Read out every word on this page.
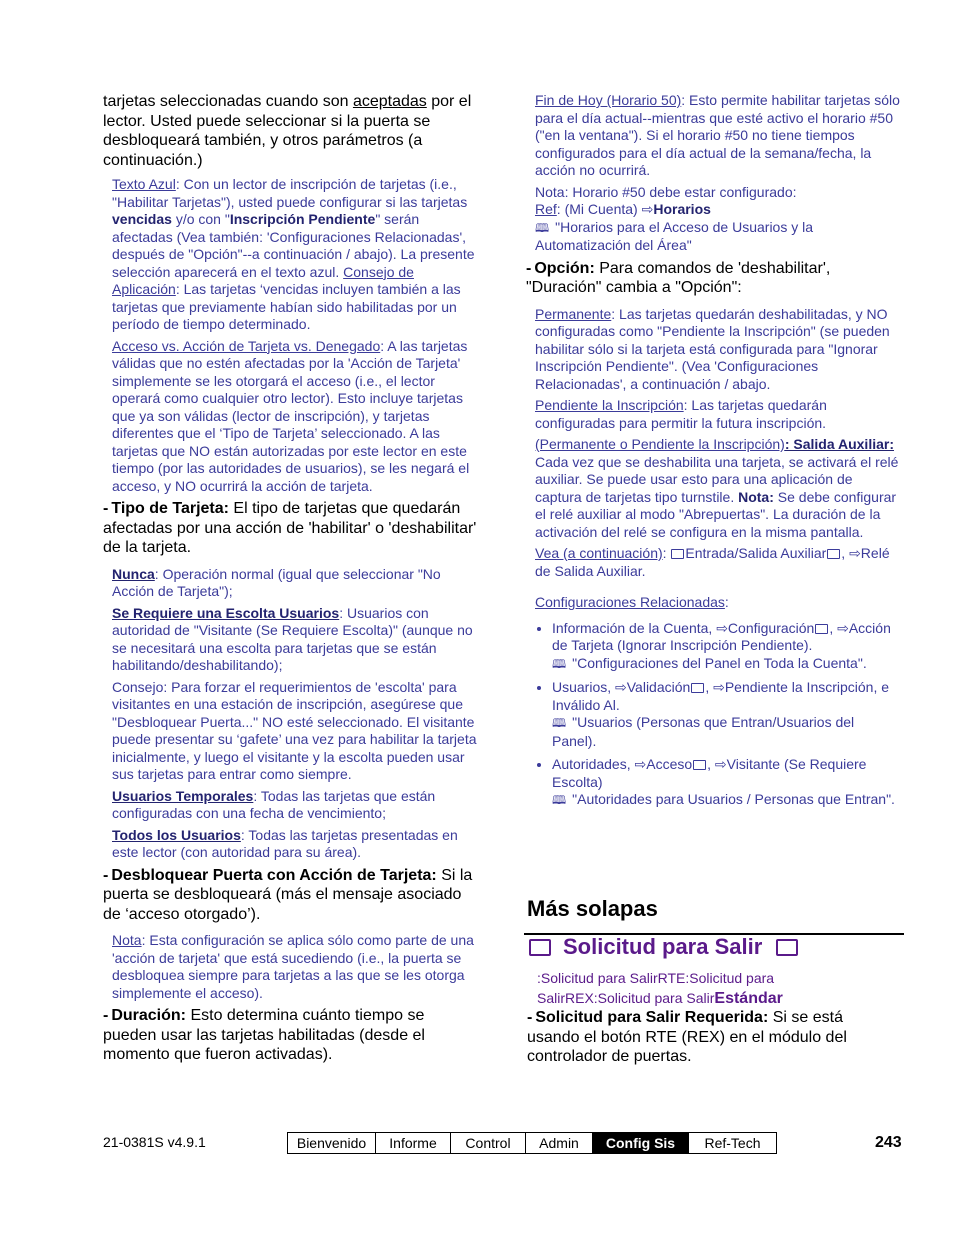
tarjetas seleccionadas cuando son aceptadas por el lector. Usted puede seleccionar si la puerta se desbloqueará también, y otros parámetros (a continuación.)

Texto Azul: Con un lector de inscripción de tarjetas (i.e., "Habilitar Tarjetas"), usted puede configurar si las tarjetas vencidas y/o con "Inscripción Pendiente" serán afectadas (Vea también: 'Configuraciones Relacionadas', después de "Opción"--a continuación / abajo). La presente selección aparecerá en el texto azul. Consejo de Aplicación: Las tarjetas ‘vencidas incluyen también a las tarjetas que previamente habían sido habilitadas por un período de tiempo determinado.

Acceso vs. Acción de Tarjeta vs. Denegado: A las tarjetas válidas que no estén afectadas por la 'Acción de Tarjeta' simplemente se les otorgará el acceso (i.e., el lector operará como cualquier otro lector). Esto incluye tarjetas que ya son válidas (lector de inscripción), y tarjetas diferentes que el ‘Tipo de Tarjeta’ seleccionado. A las tarjetas que NO están autorizadas por este lector en este tiempo (por las autoridades de usuarios), se les negará el acceso, y NO ocurrirá la acción de tarjeta.

- Tipo de Tarjeta: El tipo de tarjetas que quedarán afectadas por una acción de 'habilitar' o 'deshabilitar' de la tarjeta.

Nunca: Operación normal (igual que seleccionar "No Acción de Tarjeta");

Se Requiere una Escolta Usuarios: Usuarios con autoridad de "Visitante (Se Requiere Escolta)" (aunque no se necesitará una escolta para tarjetas que se están habilitando/deshabilitando);

Consejo: Para forzar el requerimientos de 'escolta' para visitantes en una estación de inscripción, asegúrese que "Desbloquear Puerta..." NO esté seleccionado. El visitante puede presentar su ‘gafete’ una vez para habilitar la tarjeta inicialmente, y luego el visitante y la escolta pueden usar sus tarjetas para entrar como siempre.

Usuarios Temporales: Todas las tarjetas que están configuradas con una fecha de vencimiento;

Todos los Usuarios: Todas las tarjetas presentadas en este lector (con autoridad para su área).

- Desbloquear Puerta con Acción de Tarjeta: Si la puerta se desbloqueará (más el mensaje asociado de ‘acceso otorgado’).

Nota: Esta configuración se aplica sólo como parte de una 'acción de tarjeta' que está sucediendo (i.e., la puerta se desbloquea siempre para tarjetas a las que se les otorga simplemente el acceso).

- Duración: Esto determina cuánto tiempo se pueden usar las tarjetas habilitadas (desde el momento que fueron activadas).

Fin de Hoy (Horario 50): Esto permite habilitar tarjetas sólo para el día actual--mientras que esté activo el horario #50 ("en la ventana"). Si el horario #50 no tiene tiempos configurados para el día actual de la semana/fecha, la acción no ocurrirá.

Nota: Horario #50 debe estar configurado:

Ref: (Mi Cuenta) ⇨Horarios
🕮 "Horarios para el Acceso de Usuarios y la Automatización del Área"

- Opción: Para comandos de 'deshabilitar', "Duración" cambia a "Opción":

Permanente: Las tarjetas quedarán deshabilitadas, y NO configuradas como "Pendiente la Inscripción" (se pueden habilitar sólo si la tarjeta está configurada para "Ignorar Inscripción Pendiente". (Vea 'Configuraciones Relacionadas', a continuación / abajo.

Pendiente la Inscripción: Las tarjetas quedarán configuradas para permitir la futura inscripción.

(Permanente o Pendiente la Inscripción): Salida Auxiliar: Cada vez que se deshabilita una tarjeta, se activará el relé auxiliar. Se puede usar esto para una aplicación de captura de tarjetas tipo turnstile. Nota: Se debe configurar el relé auxiliar al modo "Abrepuertas". La duración de la activación del relé se configura en la misma pantalla.

Vea (a continuación): Entrada/Salida Auxiliar , ⇨Relé de Salida Auxiliar.

Configuraciones Relacionadas:

• Información de la Cuenta, ⇨Configuración , ⇨Acción de Tarjeta (Ignorar Inscripción Pendiente).
🕮 "Configuraciones del Panel en Toda la Cuenta".
• Usuarios, ⇨Validación , ⇨Pendiente la Inscripción, e Inválido Al.
🕮 "Usuarios (Personas que Entran/Usuarios del Panel).
• Autoridades, ⇨Acceso , ⇨Visitante (Se Requiere Escolta)
🕮 "Autoridades para Usuarios / Personas que Entran".
Más solapas
Solicitud para Salir
:Solicitud para SalirRTE:Solicitud para SalirREX:Solicitud para SalirEstándar

- Solicitud para Salir Requerida: Si se está usando el botón RTE (REX) en el módulo del controlador de puertas.

21-0381S v4.9.1	Bienvenido	Informe	Control	Admin	Config Sis	Ref-Tech	243
